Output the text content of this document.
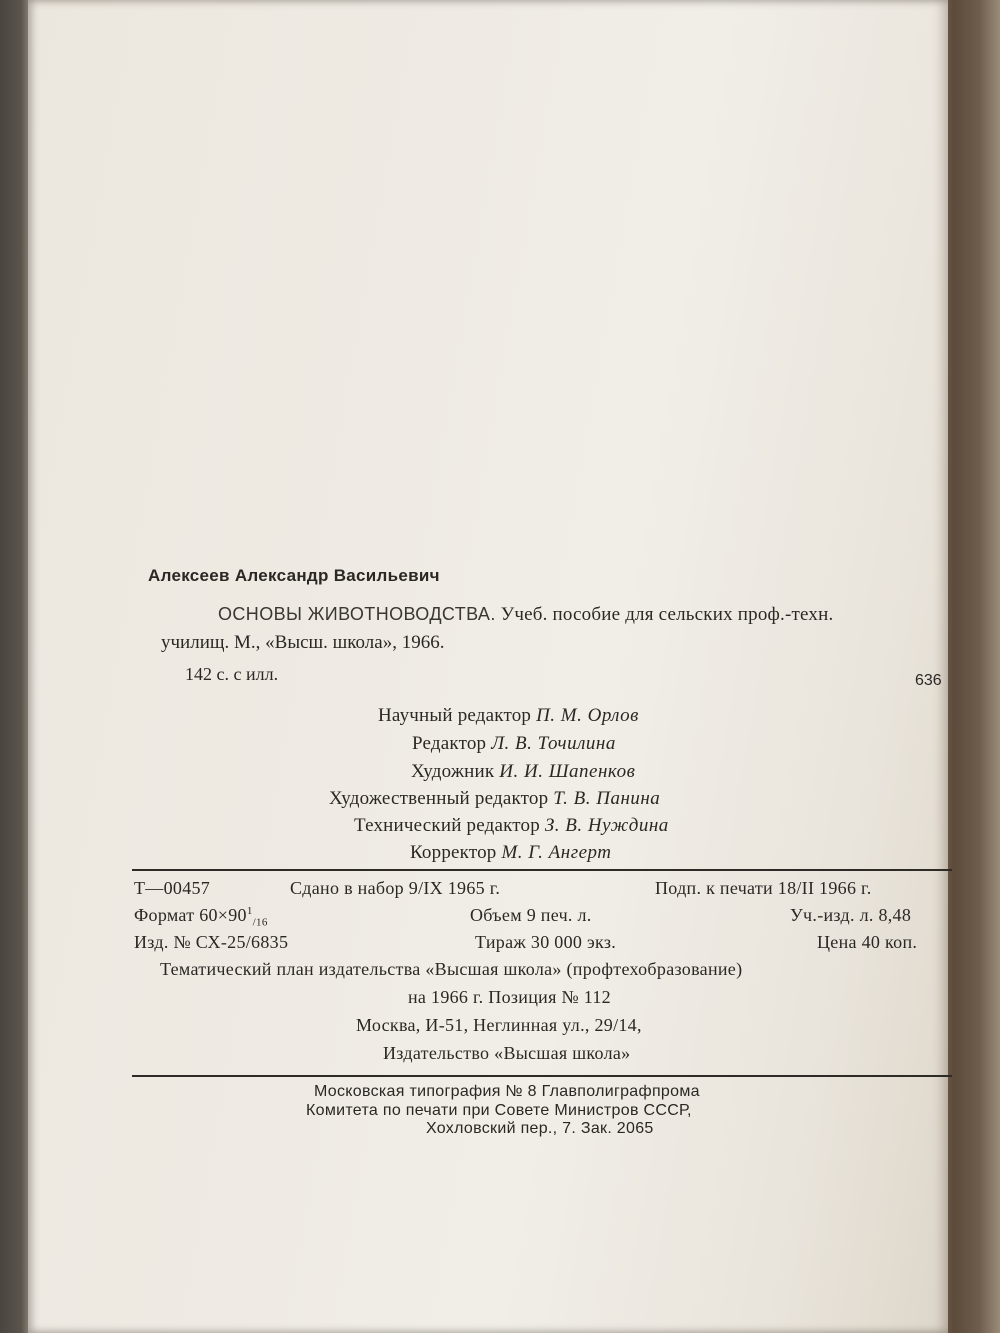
Алексеев Александр Васильевич
ОСНОВЫ ЖИВОТНОВОДСТВА. Учеб. пособие для сельских проф.-техн.
училищ. М., «Высш. школа», 1966.
142 с. с илл.	636
Научный редактор П. М. Орлов
Редактор Л. В. Точилина
Художник И. И. Шапенков
Художественный редактор Т. В. Панина
Технический редактор З. В. Нуждина
Корректор М. Г. Ангерт
Т—00457	Сдано в набор 9/IX 1965 г.	Подп. к печати 18/II 1966 г.
Формат $60\times 90^1_{/16}$	Объем 9 печ. л.	Уч.-изд. л. 8,48
Изд. № СХ-25/6835	Тираж 30 000 экз.	Цена 40 коп.
Тематический план издательства «Высшая школа» (профтехобразование)
на 1966 г. Позиция № 112
Москва, И-51, Неглинная ул., 29/14,
Издательство «Высшая школа»
Московская типография № 8 Главполиграфпрома
Комитета по печати при Совете Министров СССР,
Хохловский пер., 7. Зак. 2065
